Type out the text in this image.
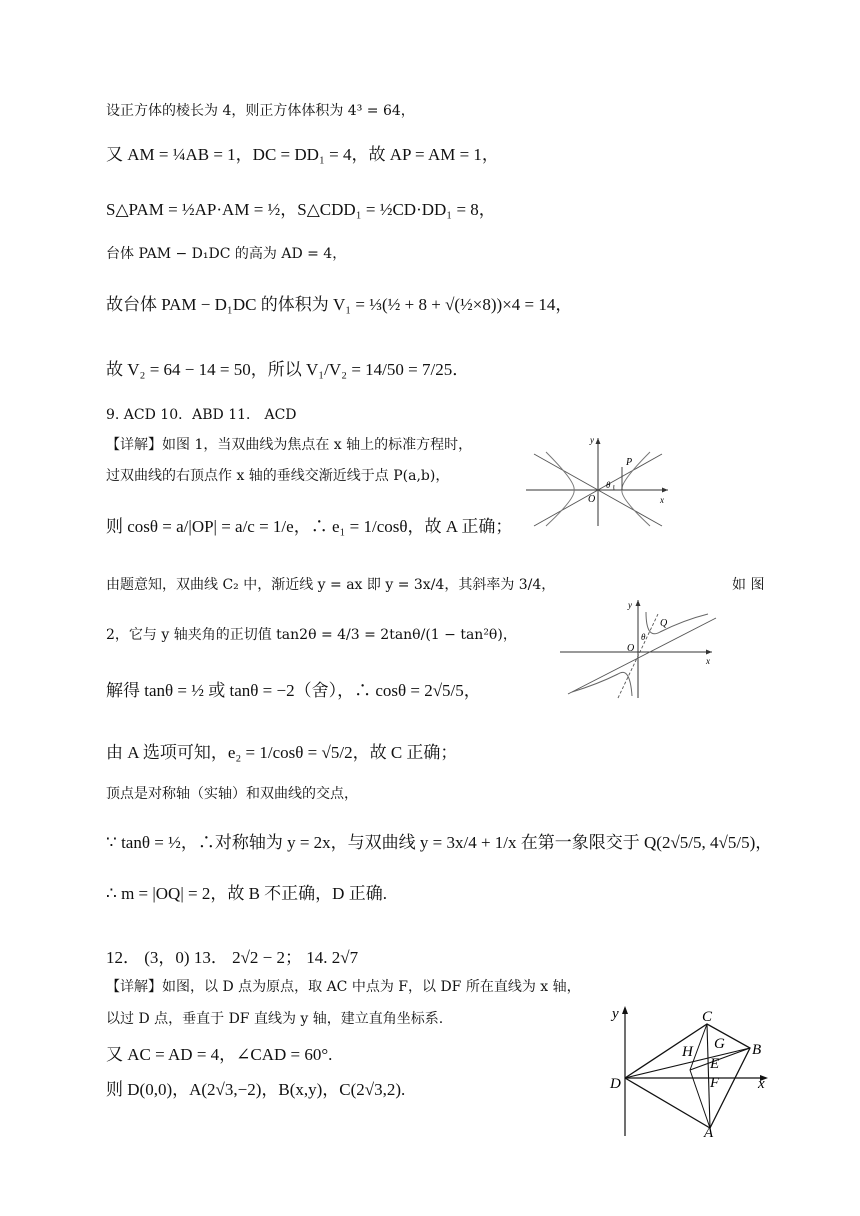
设正方体的棱长为 4，则正方体体积为 4³ = 64，
又 AM = ¼AB = 1，DC = DD₁ = 4，故 AP = AM = 1，
S△PAM = ½AP·AM = ½，S△CDD₁ = ½CD·DD₁ = 8，
台体 PAM − D₁DC 的高为 AD = 4，
故台体 PAM − D₁DC 的体积为 V₁ = ⅓(½ + 8 + √(½×8))×4 = 14，
故 V₂ = 64 − 14 = 50，所以 V₁/V₂ = 14/50 = 7/25．
9. ACD 10．ABD 11． ACD
【详解】如图 1，当双曲线为焦点在 x 轴上的标准方程时，
过双曲线的右顶点作 x 轴的垂线交渐近线于点 P(a,b)，
则 cosθ = a/|OP| = a/c = 1/e，∴ e₁ = 1/cosθ，故 A 正确；
由题意知，双曲线 C₂ 中，渐近线 y = ax 即 y = 3x/4，其斜率为 3/4，	如 图
2，它与 y 轴夹角的正切值 tan2θ = 4/3 = 2tanθ/(1 − tan²θ)，
解得 tanθ = ½ 或 tanθ = −2（舍），∴ cosθ = 2√5/5，
由 A 选项可知，e₂ = 1/cosθ = √5/2，故 C 正确；
顶点是对称轴（实轴）和双曲线的交点，
∵ tanθ = ½，∴对称轴为 y = 2x，与双曲线 y = 3x/4 + 1/x 在第一象限交于 Q(2√5/5, 4√5/5)，
∴ m = |OQ| = 2，故 B 不正确，D 正确.
12． (3，0) 13． 2√2 − 2； 14. 2√7
【详解】如图，以 D 点为原点，取 AC 中点为 F，以 DF 所在直线为 x 轴，
以过 D 点，垂直于 DF 直线为 y 轴，建立直角坐标系.
又 AC = AD = 4，∠CAD = 60°.
则 D(0,0)，A(2√3,−2)，B(x,y)，C(2√3,2).
y
x
O
P
θ
y
x
O
Q
θ
y
x
D
C
B
A
H G
E
F
